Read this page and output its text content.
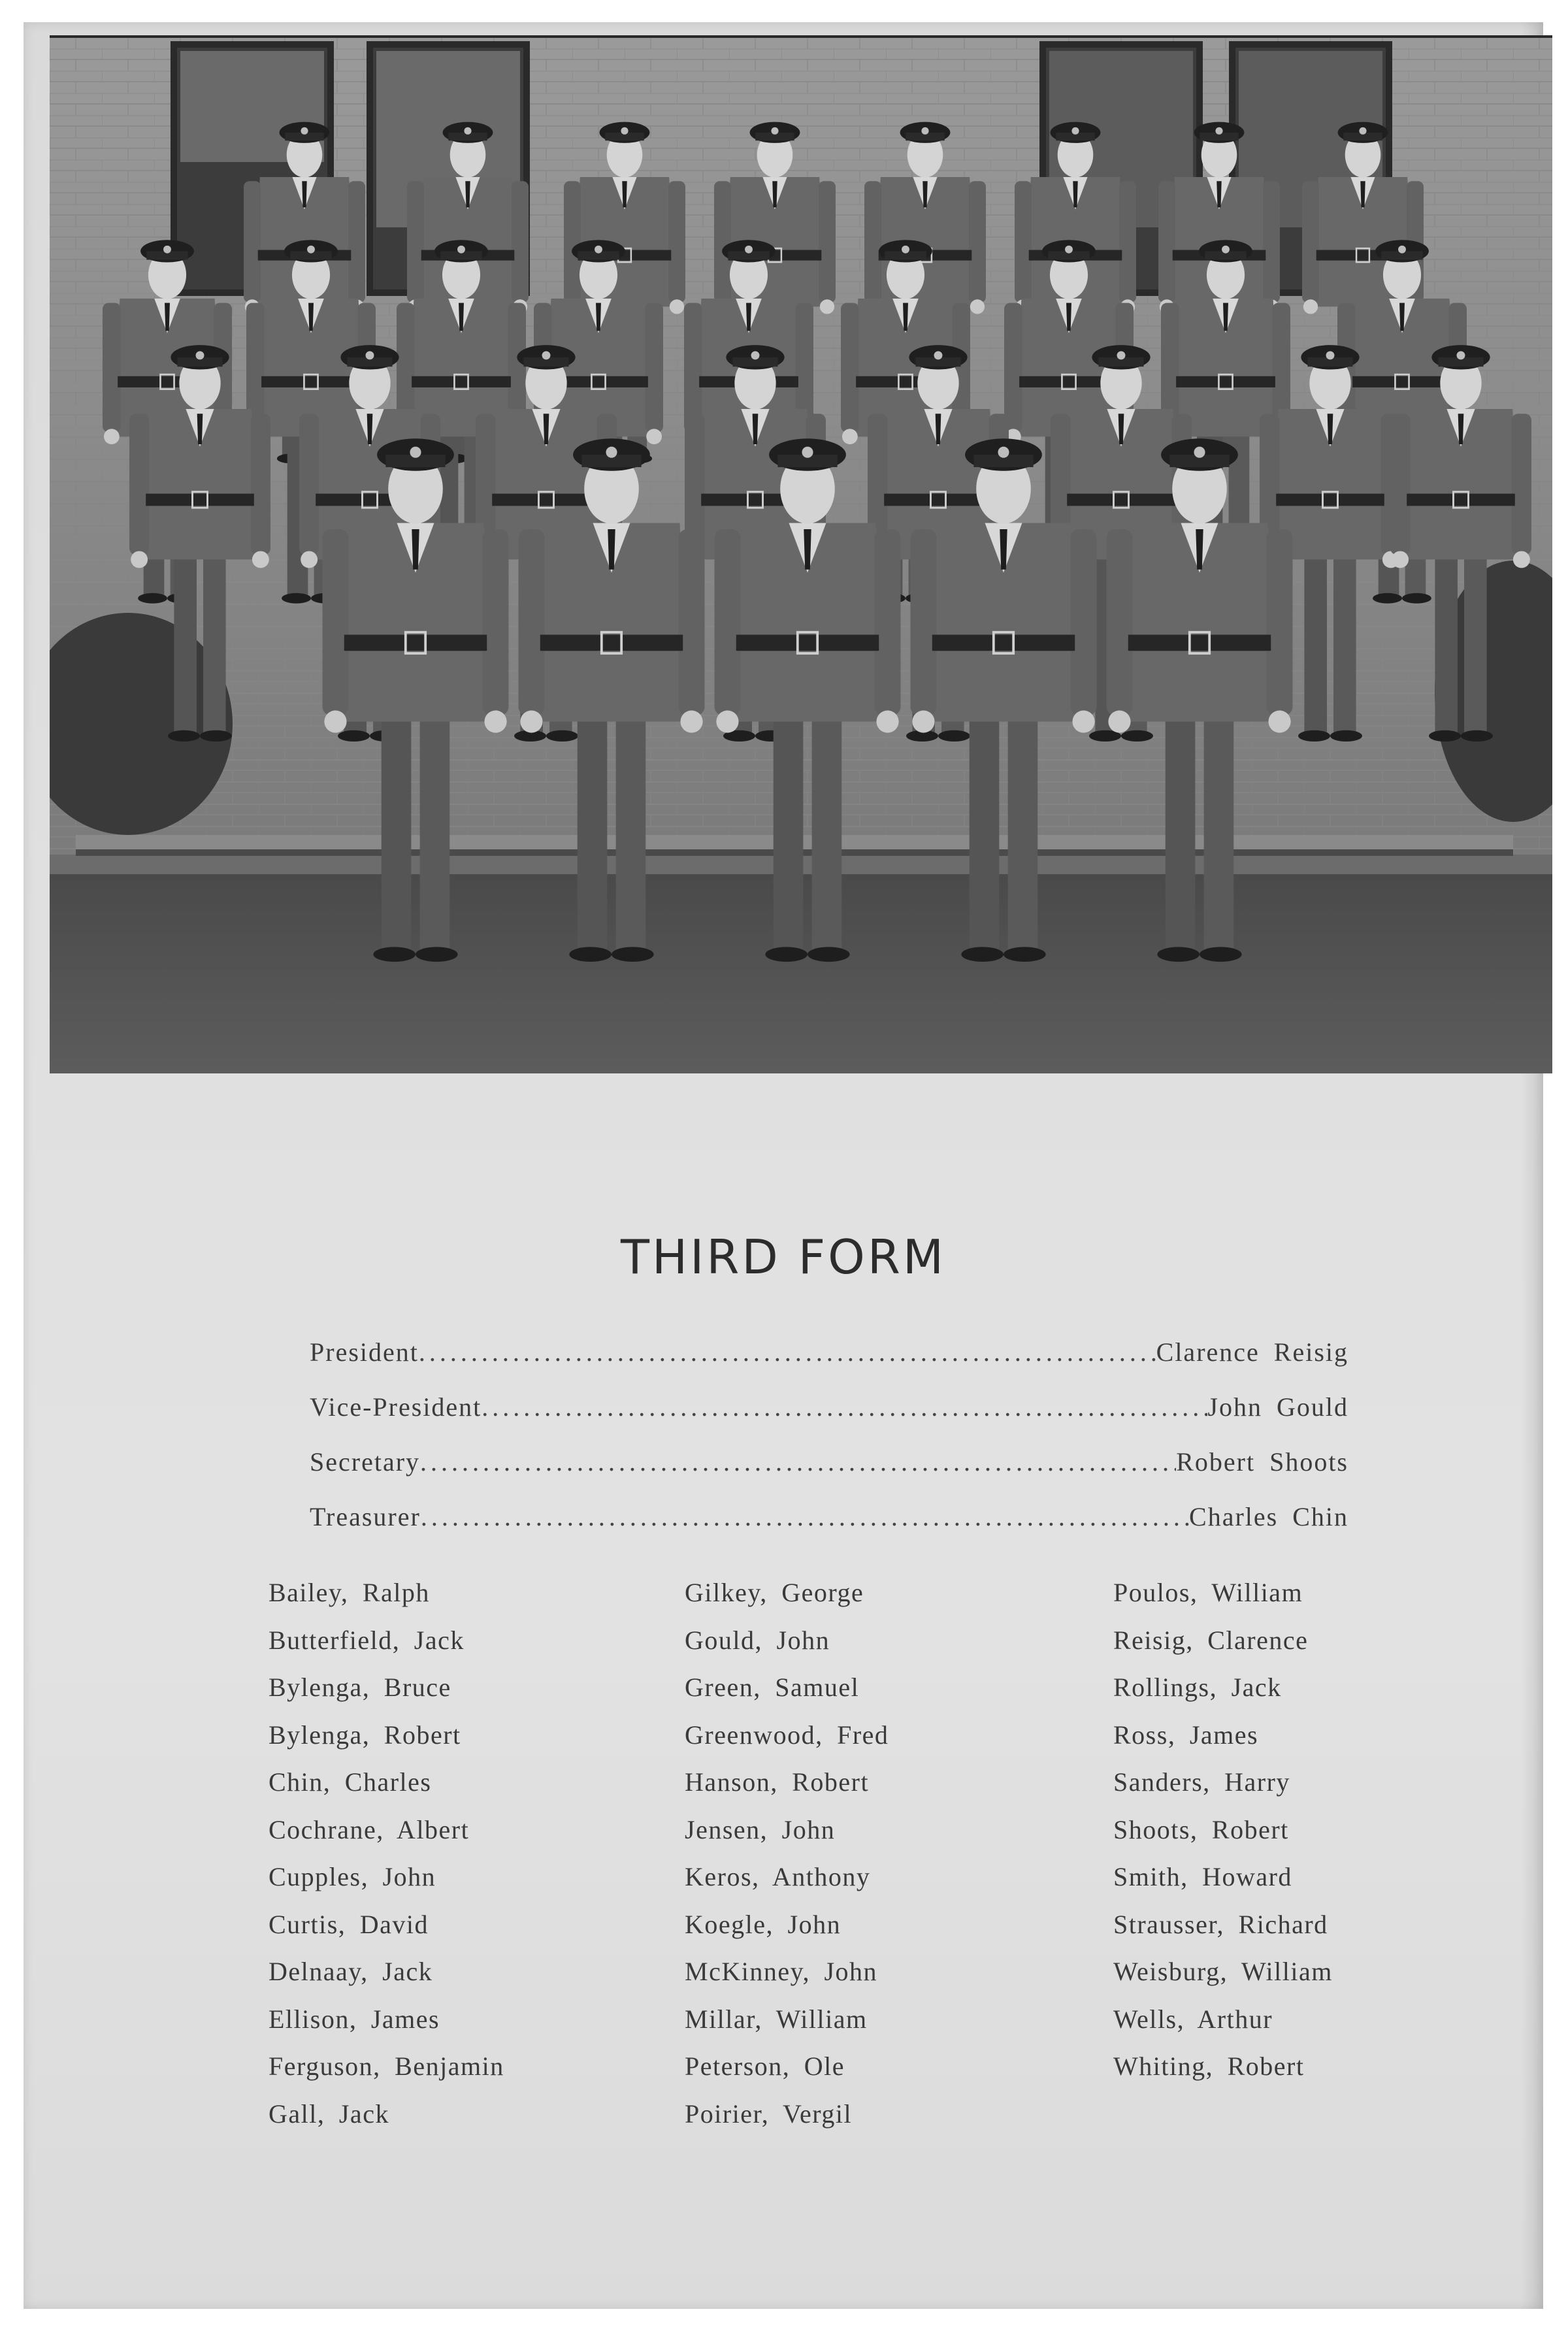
THIRD FORM
President .....	Clarence Reisig
Vice-President .....	John Gould
Secretary .....	Robert Shoots
Treasurer .....	Charles Chin
Bailey, Ralph
Butterfield, Jack
Bylenga, Bruce
Bylenga, Robert
Chin, Charles
Cochrane, Albert
Cupples, John
Curtis, David
Delnaay, Jack
Ellison, James
Ferguson, Benjamin
Gall, Jack
Gilkey, George
Gould, John
Green, Samuel
Greenwood, Fred
Hanson, Robert
Jensen, John
Keros, Anthony
Koegle, John
McKinney, John
Millar, William
Peterson, Ole
Poirier, Vergil
Poulos, William
Reisig, Clarence
Rollings, Jack
Ross, James
Sanders, Harry
Shoots, Robert
Smith, Howard
Strausser, Richard
Weisburg, William
Wells, Arthur
Whiting, Robert
